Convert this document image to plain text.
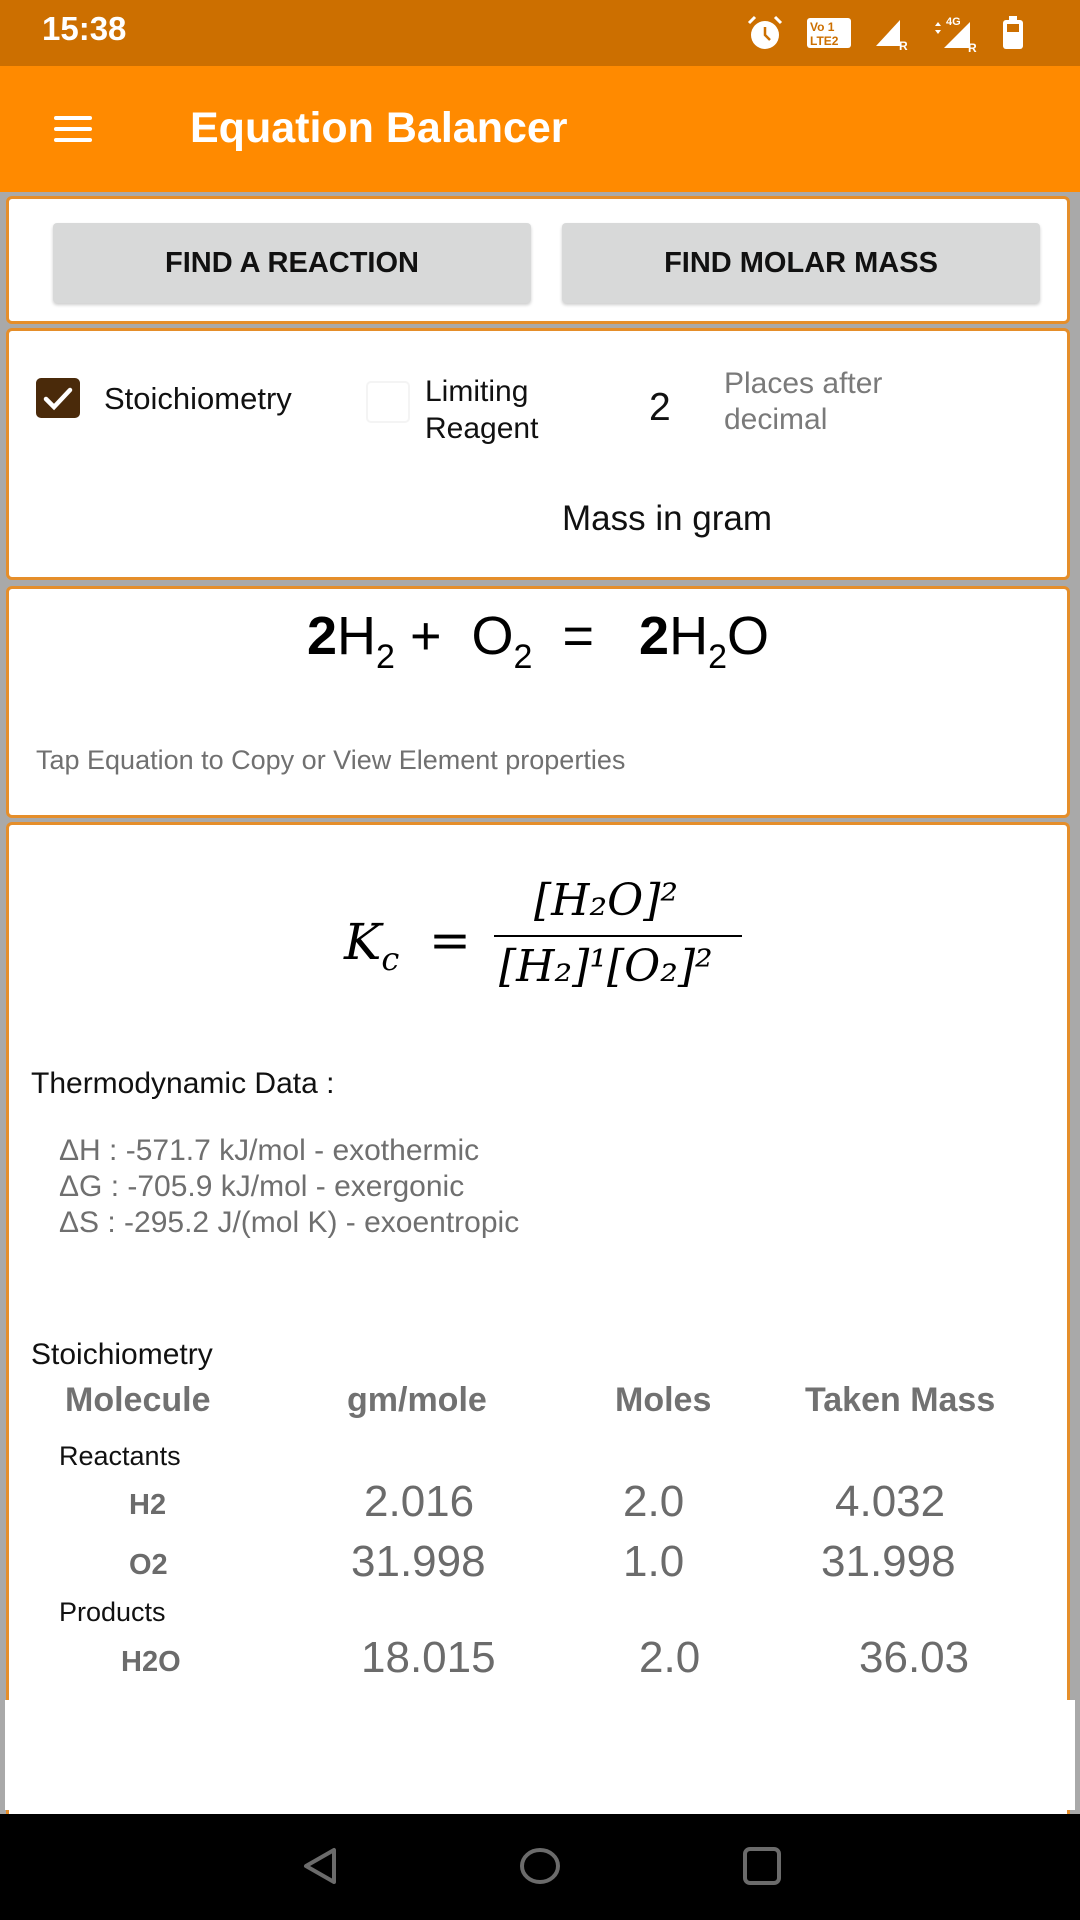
15:38	Vo 1
LTE2	R
4G
R
Equation Balancer
FIND A REACTION	FIND MOLAR MASS
Stoichiometry	Limiting
Reagent	2
Places after
decimal
Mass in gram
$2H_2 + O_2 = 2H_2O$
Tap Equation to Copy or View Element properties
$K_c$ =
[H₂O]²
[H₂]¹[O₂]²
Thermodynamic Data :
ΔH : -571.7 kJ/mol - exothermic
ΔG : -705.9 kJ/mol - exergonic
ΔS : -295.2 J/(mol K) - exoentropic
Stoichiometry
Molecule	gm/mole	Moles	Taken Mass
Reactants
H2	2.016	2.0	4.032
O2	31.998	1.0	31.998
Products
H2O	18.015	2.0	36.03
